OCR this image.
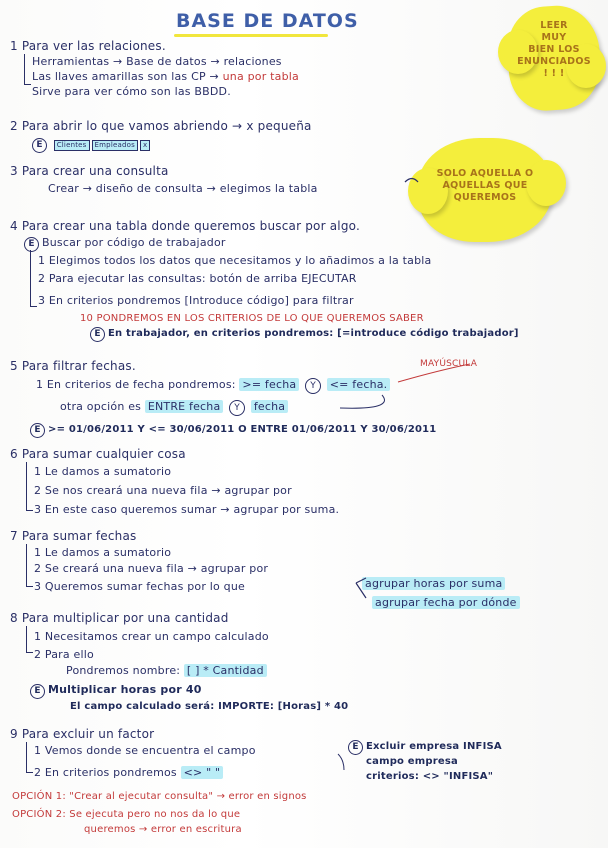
BASE DE DATOS	LEER
MUY
BIEN LOS
ENUNCIADOS
! ! !
SOLO AQUELLA O
AQUELLAS QUE
QUEREMOS
1 Para ver las relaciones.
Herramientas → Base de datos → relaciones
Las llaves amarillas son las CP → una por tabla
Sirve para ver cómo son las BBDD.
2 Para abrir lo que vamos abriendo → x pequeña
E Clientes Empleados x
3 Para crear una consulta
Crear → diseño de consulta → elegimos la tabla
4 Para crear una tabla donde queremos buscar por algo.
E Buscar por código de trabajador
1 Elegimos todos los datos que necesitamos y lo añadimos a la tabla
2 Para ejecutar las consultas: botón de arriba EJECUTAR
3 En criterios pondremos [Introduce código] para filtrar
10 PONDREMOS EN LOS CRITERIOS DE LO QUE QUEREMOS SABER
E En trabajador, en criterios pondremos: [=introduce código trabajador]
5 Para filtrar fechas.	MAYÚSCULA
1 En criterios de fecha pondremos: >= fecha Y <= fecha.
otra opción es ENTRE fecha Y fecha
E >= 01/06/2011 Y <= 30/06/2011 O ENTRE 01/06/2011 Y 30/06/2011
6 Para sumar cualquier cosa
1 Le damos a sumatorio
2 Se nos creará una nueva fila → agrupar por
3 En este caso queremos sumar → agrupar por suma.
7 Para sumar fechas
1 Le damos a sumatorio
2 Se creará una nueva fila → agrupar por
3 Queremos sumar fechas por lo que	agrupar horas por suma
agrupar fecha por dónde
8 Para multiplicar por una cantidad
1 Necesitamos crear un campo calculado
2 Para ello
Pondremos nombre: [ ] * Cantidad
E Multiplicar horas por 40
El campo calculado será: IMPORTE: [Horas] * 40
9 Para excluir un factor
1 Vemos donde se encuentra el campo
2 En criterios pondremos <> " "
E Excluir empresa INFISA
campo empresa
criterios: <> "INFISA"
OPCIÓN 1: "Crear al ejecutar consulta" → error en signos
OPCIÓN 2: Se ejecuta pero no nos da lo que
queremos → error en escritura
